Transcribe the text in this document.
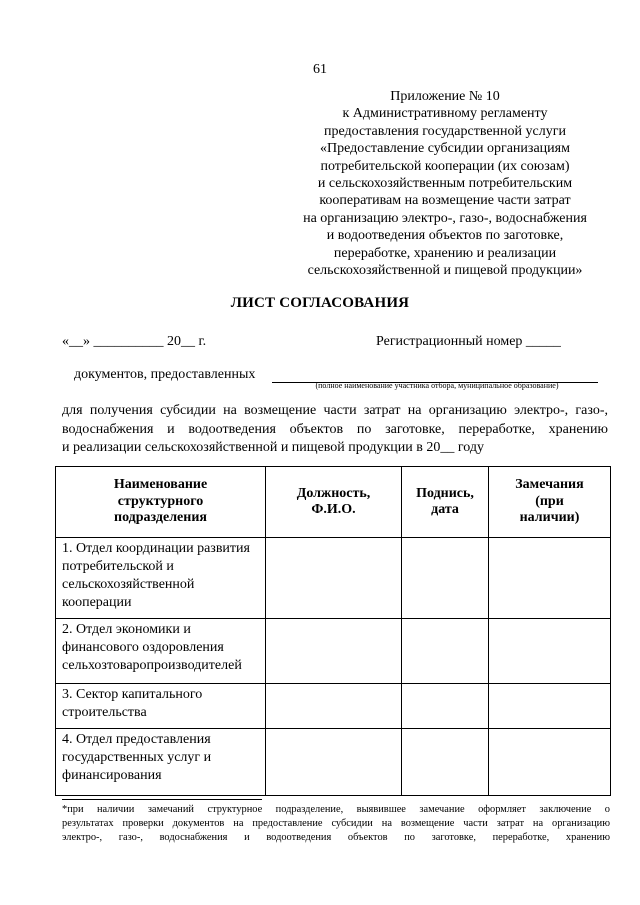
61
Приложение № 10
к Административному регламенту
предоставления государственной услуги
«Предоставление субсидии организациям
потребительской кооперации (их союзам)
и сельскохозяйственным потребительским
кооперативам на возмещение части затрат
на организацию электро-, газо-, водоснабжения
и водоотведения объектов по заготовке,
переработке, хранению и реализации
сельскохозяйственной и пищевой продукции»
ЛИСТ СОГЛАСОВАНИЯ
«__» __________ 20__ г.	Регистрационный номер _____
документов, предоставленных
(полное наименование участника отбора, муниципальное образование)
для получения субсидии на возмещение части затрат на организацию электро-, газо-,
водоснабжения и водоотведения объектов по заготовке, переработке, хранению
и реализации сельскохозяйственной и пищевой продукции в 20__ году
Наименование структурного подразделения	Должность, Ф.И.О.	Поднись, дата	Замечания (при наличии)
1. Отдел координации развития потребительской и сельскохозяйственной кооперации			
2. Отдел экономики и финансового оздоровления сельхозтоваропроизводителей			
3. Сектор капитального строительства			
4. Отдел предоставления государственных услуг и финансирования			
*при наличии замечаний структурное подразделение, выявившее замечание оформляет заключение о
результатах проверки документов на предоставление субсидии на возмещение части затрат на организацию
электро-, газо-, водоснабжения и водоотведения объектов по заготовке, переработке, хранению
